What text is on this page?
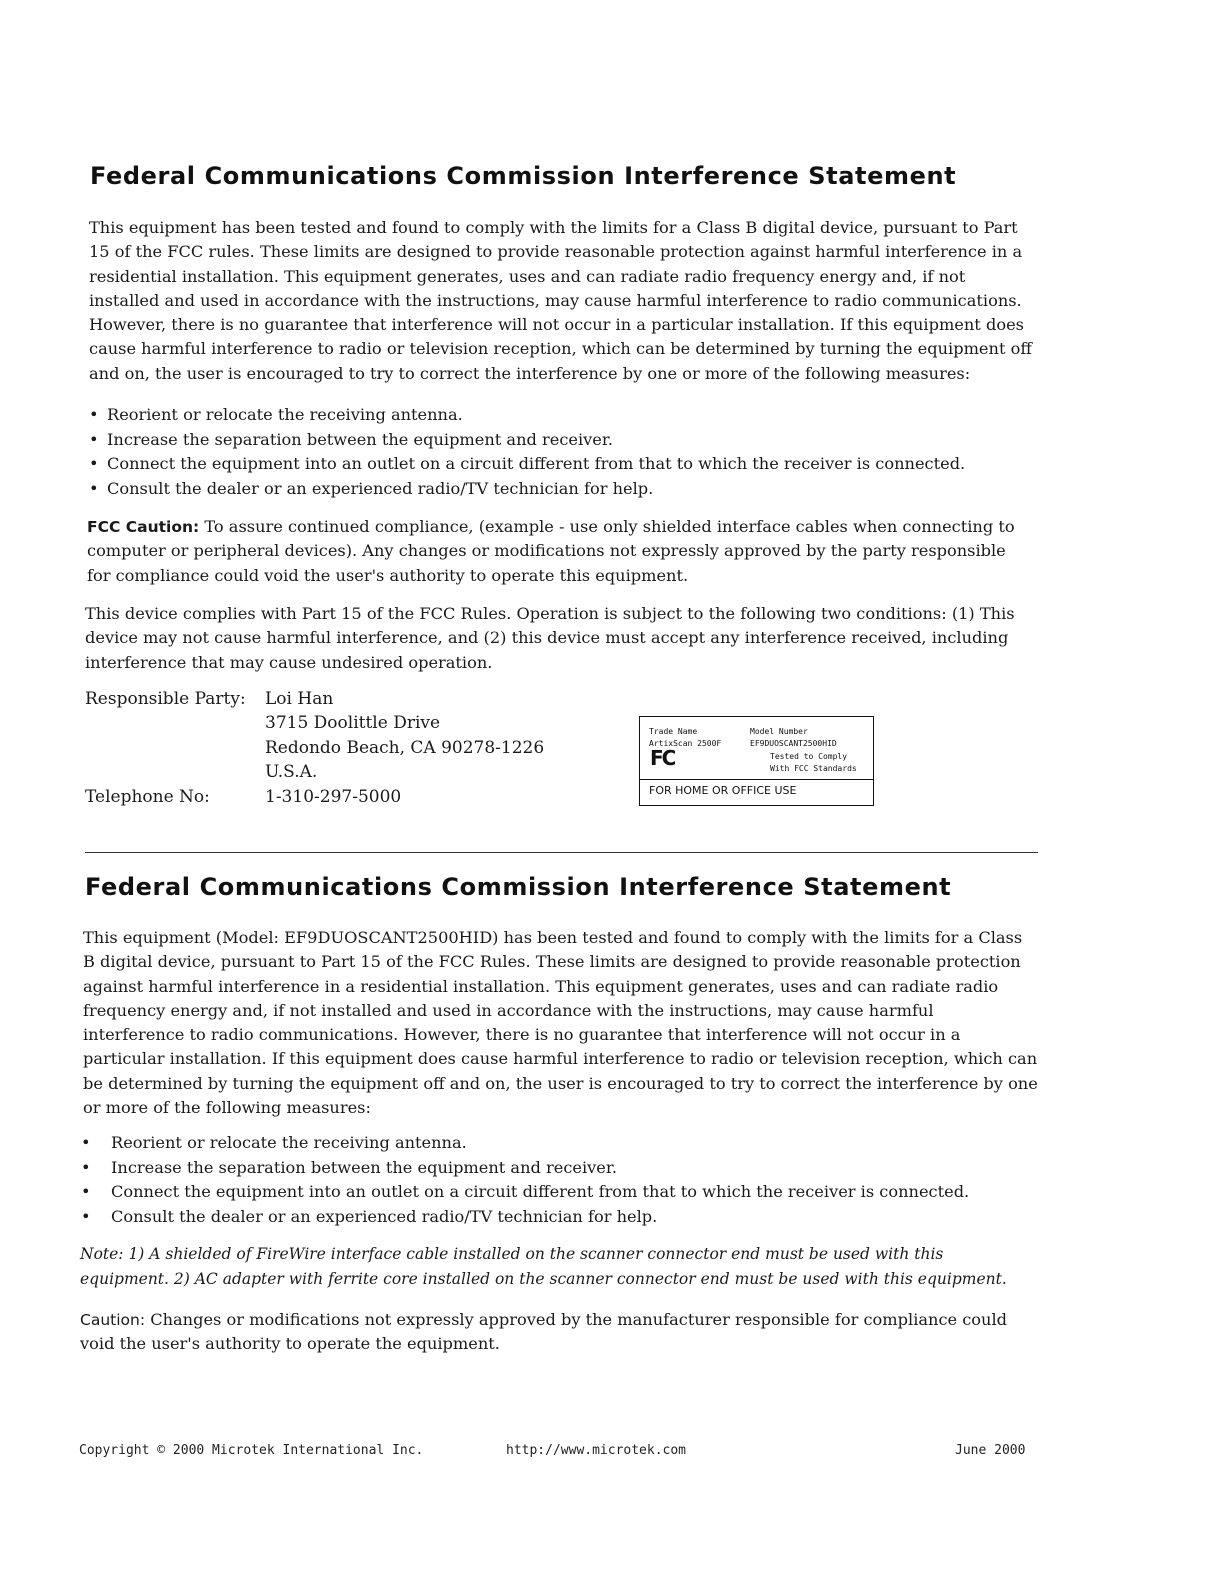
Federal Communications Commission Interference Statement

This equipment has been tested and found to comply with the limits for a Class B digital device, pursuant to Part 15 of the FCC rules. These limits are designed to provide reasonable protection against harmful interference in a residential installation. This equipment generates, uses and can radiate radio frequency energy and, if not installed and used in accordance with the instructions, may cause harmful interference to radio communications. However, there is no guarantee that interference will not occur in a particular installation. If this equipment does cause harmful interference to radio or television reception, which can be determined by turning the equipment off and on, the user is encouraged to try to correct the interference by one or more of the following measures:

• Reorient or relocate the receiving antenna.
• Increase the separation between the equipment and receiver.
• Connect the equipment into an outlet on a circuit different from that to which the receiver is connected.
• Consult the dealer or an experienced radio/TV technician for help.

FCC Caution: To assure continued compliance, (example - use only shielded interface cables when connecting to computer or peripheral devices). Any changes or modifications not expressly approved by the party responsible for compliance could void the user's authority to operate this equipment.

This device complies with Part 15 of the FCC Rules. Operation is subject to the following two conditions: (1) This device may not cause harmful interference, and (2) this device must accept any interference received, including interference that may cause undesired operation.

Responsible Party: Loi Han
3715 Doolittle Drive
Redondo Beach, CA 90278-1226
U.S.A.
Telephone No:	1-310-297-5000
Trade Name
ArtixScan 2500F
Model Number
EF9DUOSCANT2500HID
Tested to Comply
With FCC Standards
FC
FOR HOME OR OFFICE USE
Federal Communications Commission Interference Statement

This equipment (Model: EF9DUOSCANT2500HID) has been tested and found to comply with the limits for a Class B digital device, pursuant to Part 15 of the FCC Rules. These limits are designed to provide reasonable protection against harmful interference in a residential installation. This equipment generates, uses and can radiate radio frequency energy and, if not installed and used in accordance with the instructions, may cause harmful interference to radio communications. However, there is no guarantee that interference will not occur in a particular installation. If this equipment does cause harmful interference to radio or television reception, which can be determined by turning the equipment off and on, the user is encouraged to try to correct the interference by one or more of the following measures:

• Reorient or relocate the receiving antenna.
• Increase the separation between the equipment and receiver.
• Connect the equipment into an outlet on a circuit different from that to which the receiver is connected.
• Consult the dealer or an experienced radio/TV technician for help.

Note: 1) A shielded of FireWire interface cable installed on the scanner connector end must be used with this equipment. 2) AC adapter with ferrite core installed on the scanner connector end must be used with this equipment.

Caution: Changes or modifications not expressly approved by the manufacturer responsible for compliance could void the user's authority to operate the equipment.

Copyright © 2000 Microtek International Inc.	http://www.microtek.com	June 2000
